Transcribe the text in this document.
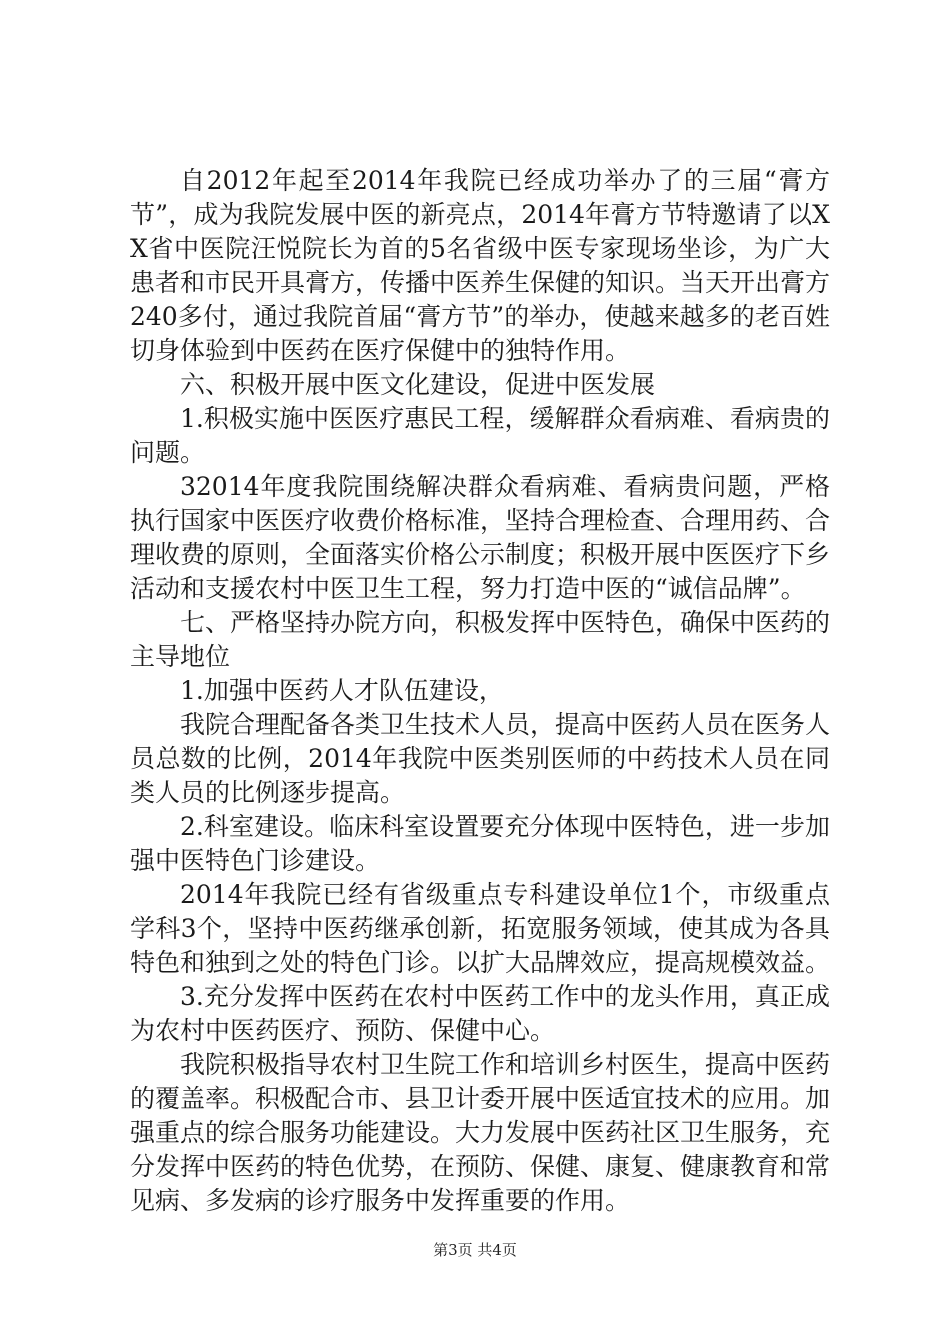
自2012年起至2014年我院已经成功举办了的三届“膏方节”，成为我院发展中医的新亮点，2014年膏方节特邀请了以XX省中医院汪悦院长为首的5名省级中医专家现场坐诊，为广大患者和市民开具膏方，传播中医养生保健的知识。当天开出膏方240多付，通过我院首届“膏方节”的举办，使越来越多的老百姓切身体验到中医药在医疗保健中的独特作用。

六、积极开展中医文化建设，促进中医发展

1.积极实施中医医疗惠民工程，缓解群众看病难、看病贵的问题。

32014年度我院围绕解决群众看病难、看病贵问题，严格执行国家中医医疗收费价格标准，坚持合理检查、合理用药、合理收费的原则，全面落实价格公示制度；积极开展中医医疗下乡活动和支援农村中医卫生工程，努力打造中医的“诚信品牌”。

七、严格坚持办院方向，积极发挥中医特色，确保中医药的主导地位

1.加强中医药人才队伍建设，

我院合理配备各类卫生技术人员，提高中医药人员在医务人员总数的比例，2014年我院中医类别医师的中药技术人员在同类人员的比例逐步提高。

2.科室建设。临床科室设置要充分体现中医特色，进一步加强中医特色门诊建设。

2014年我院已经有省级重点专科建设单位1个，市级重点学科3个，坚持中医药继承创新，拓宽服务领域，使其成为各具特色和独到之处的特色门诊。以扩大品牌效应，提高规模效益。

3.充分发挥中医药在农村中医药工作中的龙头作用，真正成为农村中医药医疗、预防、保健中心。

我院积极指导农村卫生院工作和培训乡村医生，提高中医药的覆盖率。积极配合市、县卫计委开展中医适宜技术的应用。加强重点的综合服务功能建设。大力发展中医药社区卫生服务，充分发挥中医药的特色优势，在预防、保健、康复、健康教育和常见病、多发病的诊疗服务中发挥重要的作用。

第3页 共4页
